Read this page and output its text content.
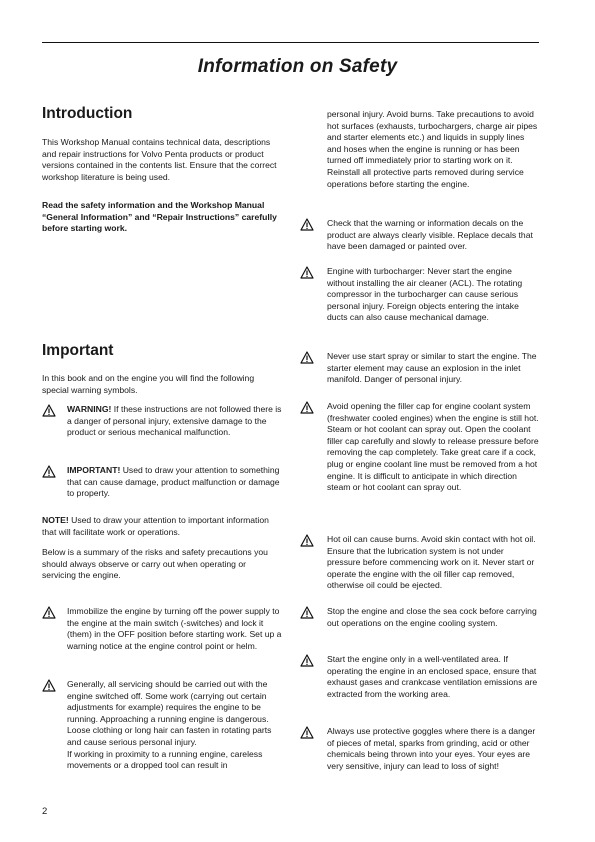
Information on Safety
Introduction

This Workshop Manual contains technical data, descriptions and repair instructions for Volvo Penta products or product versions contained in the contents list. Ensure that the correct workshop literature is being used.

Read the safety information and the Workshop Manual “General Information” and “Repair Instructions” carefully before starting work.

Important

In this book and on the engine you will find the following special warning symbols.

WARNING! If these instructions are not followed there is a danger of personal injury, extensive damage to the product or serious mechanical malfunction.

IMPORTANT! Used to draw your attention to something that can cause damage, product malfunction or damage to property.

NOTE! Used to draw your attention to important information that will facilitate work or operations.

Below is a summary of the risks and safety precautions you should always observe or carry out when operating or servicing the engine.

Immobilize the engine by turning off the power supply to the engine at the main switch (-switches) and lock it (them) in the OFF position before starting work. Set up a warning notice at the engine control point or helm.

Generally, all servicing should be carried out with the engine switched off. Some work (carrying out certain adjustments for example) requires the engine to be running. Approaching a running engine is dangerous. Loose clothing or long hair can fasten in rotating parts and cause serious personal injury.
If working in proximity to a running engine, careless movements or a dropped tool can result in

personal injury. Avoid burns. Take precautions to avoid hot surfaces (exhausts, turbochargers, charge air pipes and starter elements etc.) and liquids in supply lines and hoses when the engine is running or has been turned off immediately prior to starting work on it. Reinstall all protective parts removed during service operations before starting the engine.

Check that the warning or information decals on the product are always clearly visible. Replace decals that have been damaged or painted over.

Engine with turbocharger: Never start the engine without installing the air cleaner (ACL). The rotating compressor in the turbocharger can cause serious personal injury. Foreign objects entering the intake ducts can also cause mechanical damage.

Never use start spray or similar to start the engine. The starter element may cause an explosion in the inlet manifold. Danger of personal injury.

Avoid opening the filler cap for engine coolant system (freshwater cooled engines) when the engine is still hot. Steam or hot coolant can spray out. Open the coolant filler cap carefully and slowly to release pressure before removing the cap completely. Take great care if a cock, plug or engine coolant line must be removed from a hot engine. It is difficult to anticipate in which direction steam or hot coolant can spray out.

Hot oil can cause burns. Avoid skin contact with hot oil. Ensure that the lubrication system is not under pressure before commencing work on it. Never start or operate the engine with the oil filler cap removed, otherwise oil could be ejected.

Stop the engine and close the sea cock before carrying out operations on the engine cooling system.

Start the engine only in a well-ventilated area. If operating the engine in an enclosed space, ensure that exhaust gases and crankcase ventilation emissions are extracted from the working area.

Always use protective goggles where there is a danger of pieces of metal, sparks from grinding, acid or other chemicals being thrown into your eyes. Your eyes are very sensitive, injury can lead to loss of sight!

2
